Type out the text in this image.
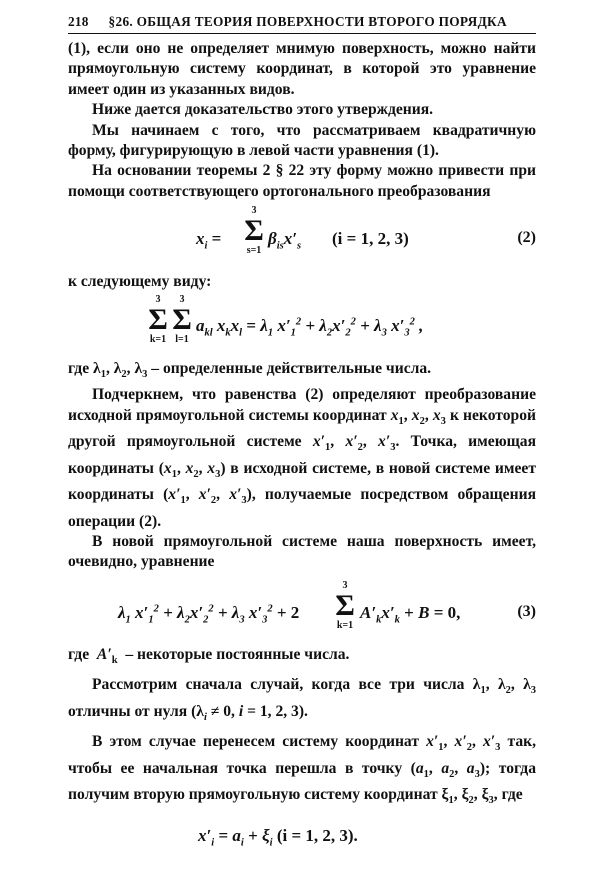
218 §26. ОБЩАЯ ТЕОРИЯ ПОВЕРХНОСТИ ВТОРОГО ПОРЯДКА

(1), если оно не определяет мнимую поверхность, можно найти прямоугольную систему координат, в которой это уравнение имеет один из указанных видов.

Ниже дается доказательство этого утверждения.

Мы начинаем с того, что рассматриваем квадратичную форму, фигурирующую в левой части уравнения (1).

На основании теоремы 2 § 22 эту форму можно привести при помощи соответствующего ортогонального преобразования

$x_i$ =
3
Σ
s=1
$\beta_{is}x'_s$ (i = 1, 2, 3)	(2)

к следующему виду:

3
Σ
k=1
3
Σ
l=1
$a_{kl}$ $x_kx_l = \lambda_1$ $x'_1^2 + \lambda_2x'_2^2 + \lambda_3$ $x'_3^2$ ,

где $\lambda_1$, $\lambda_2$, $\lambda_3$ – определенные действительные числа.

Подчеркнем, что равенства (2) определяют преобразование исходной прямоугольной системы координат $x_1$, $x_2$, $x_3$ к некоторой другой прямоугольной системе $x'_1$, $x'_2$, $x'_3$. Точка, имеющая координаты ($x_1$, $x_2$, $x_3$) в исходной системе, в новой системе имеет координаты ($x'_1$, $x'_2$, $x'_3$), получаемые посредством обращения операции (2).

В новой прямоугольной системе наша поверхность имеет, очевидно, уравнение

$\lambda_1$ $x'_1^2 + \lambda_2x'_2^2 + \lambda_3$ $x'_3^2 + 2$
3
Σ
k=1
$A'_kx'_k + B = 0$,	(3)

где $A'_k$ – некоторые постоянные числа.

Рассмотрим сначала случай, когда все три числа $\lambda_1$, $\lambda_2$, $\lambda_3$ отличны от нуля ($\lambda_i \ne 0$, i = 1, 2, 3).

В этом случае перенесем систему координат $x'_1$, $x'_2$, $x'_3$ так, чтобы ее начальная точка перешла в точку ($a_1$, $a_2$, $a_3$); тогда получим вторую прямоугольную систему координат $\xi_1$, $\xi_2$, $\xi_3$, где

$x'_i = a_i + \xi_i$ (i = 1, 2, 3).
